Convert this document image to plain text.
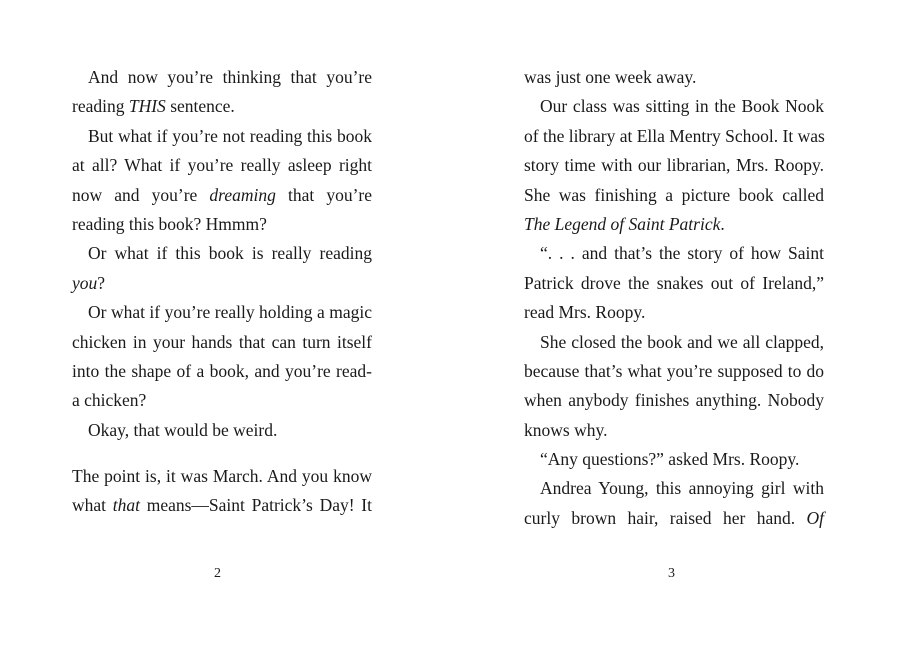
And now you’re thinking that you’re
reading THIS sentence.
But what if you’re not reading this book
at all? What if you’re really asleep right
now and you’re dreaming that you’re
reading this book? Hmmm?
Or what if this book is really reading
you?
Or what if you’re really holding a magic
chicken in your hands that can turn itself
into the shape of a book, and you’re read-
a chicken?
Okay, that would be weird.
The point is, it was March. And you know
what that means—Saint Patrick’s Day! It
2
was just one week away.
Our class was sitting in the Book Nook
of the library at Ella Mentry School. It was
story time with our librarian, Mrs. Roopy.
She was finishing a picture book called
The Legend of Saint Patrick.
“. . . and that’s the story of how Saint
Patrick drove the snakes out of Ireland,”
read Mrs. Roopy.
She closed the book and we all clapped,
because that’s what you’re supposed to do
when anybody finishes anything. Nobody
knows why.
“Any questions?” asked Mrs. Roopy.
Andrea Young, this annoying girl with
curly brown hair, raised her hand. Of
3
